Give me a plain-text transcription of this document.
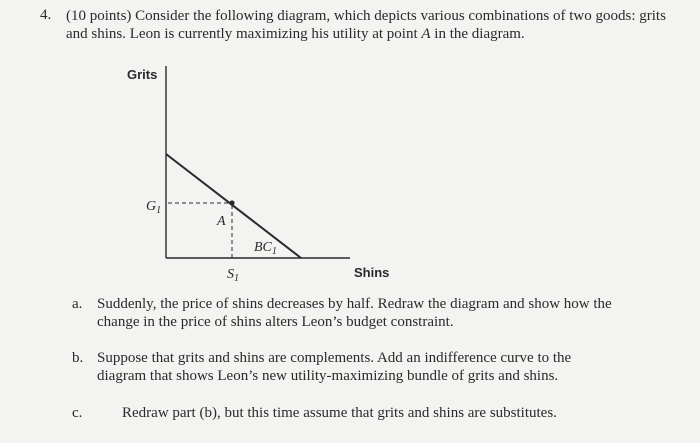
4. (10 points) Consider the following diagram, which depicts various combinations of two goods: grits and shins. Leon is currently maximizing his utility at point A in the diagram.
Grits
Shins
$G_1$
$S_1$
A
$BC_1$
a. Suddenly, the price of shins decreases by half. Redraw the diagram and show how the change in the price of shins alters Leon’s budget constraint.
b. Suppose that grits and shins are complements. Add an indifference curve to the diagram that shows Leon’s new utility-maximizing bundle of grits and shins.
c.	Redraw part (b), but this time assume that grits and shins are substitutes.
